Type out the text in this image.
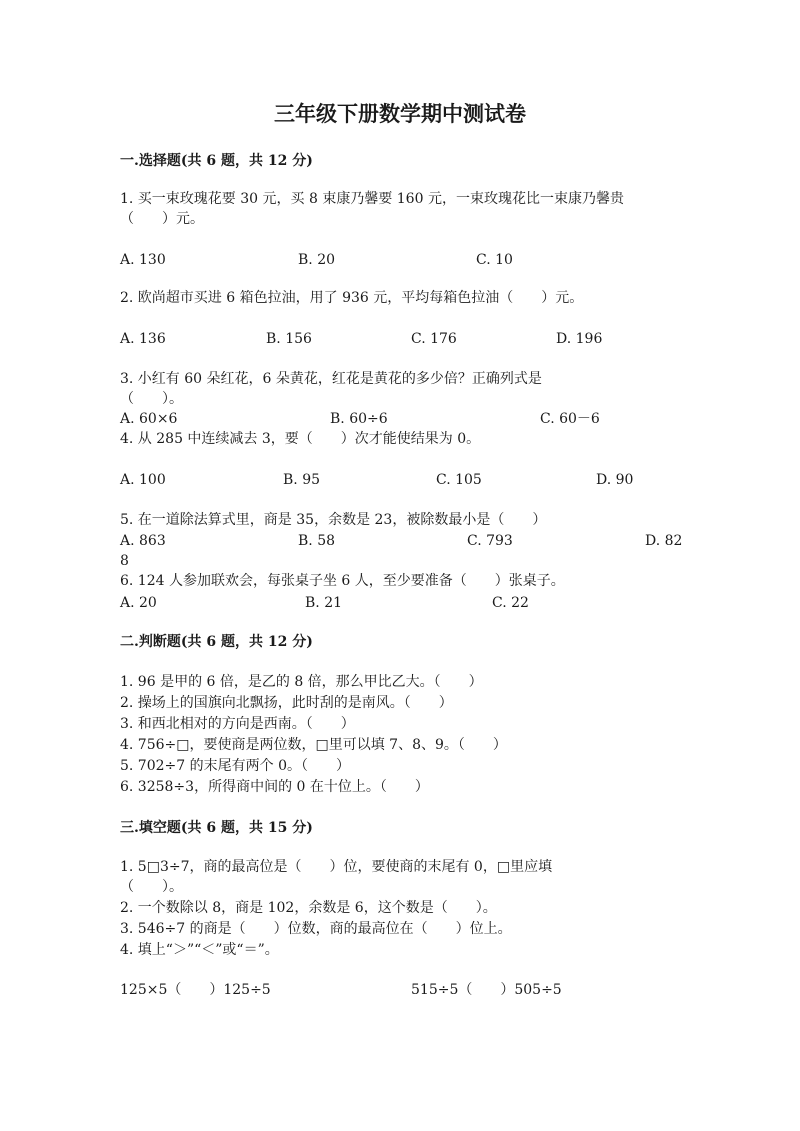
三年级下册数学期中测试卷
一.选择题(共 6 题，共 12 分)
1. 买一束玫瑰花要 30 元，买 8 束康乃馨要 160 元，一束玫瑰花比一束康乃馨贵
（　　）元。
A. 130	B. 20	C. 10
2. 欧尚超市买进 6 箱色拉油，用了 936 元，平均每箱色拉油（　　）元。
A. 136	B. 156	C. 176	D. 196
3. 小红有 60 朵红花，6 朵黄花，红花是黄花的多少倍？正确列式是
（　　）。
A. 60×6	B. 60÷6	C. 60－6
4. 从 285 中连续减去 3，要（　　）次才能使结果为 0。
A. 100	B. 95	C. 105	D. 90
5. 在一道除法算式里，商是 35，余数是 23，被除数最小是（　　）
A. 863	B. 58	C. 793	D. 82
8
6. 124 人参加联欢会，每张桌子坐 6 人，至少要准备（　　）张桌子。
A. 20	B. 21	C. 22
二.判断题(共 6 题，共 12 分)
1. 96 是甲的 6 倍，是乙的 8 倍，那么甲比乙大。（　　）
2. 操场上的国旗向北飘扬，此时刮的是南风。（　　）
3. 和西北相对的方向是西南。（　　）
4. 756÷□，要使商是两位数，□里可以填 7、8、9。（　　）
5. 702÷7 的末尾有两个 0。（　　）
6. 3258÷3，所得商中间的 0 在十位上。（　　）
三.填空题(共 6 题，共 15 分)
1. 5□3÷7，商的最高位是（　　）位，要使商的末尾有 0，□里应填
（　　）。
2. 一个数除以 8，商是 102，余数是 6，这个数是（　　）。
3. 546÷7 的商是（　　）位数，商的最高位在（　　）位上。
4. 填上“＞”“＜”或“＝”。
125×5（　　）125÷5	515÷5（　　）505÷5
